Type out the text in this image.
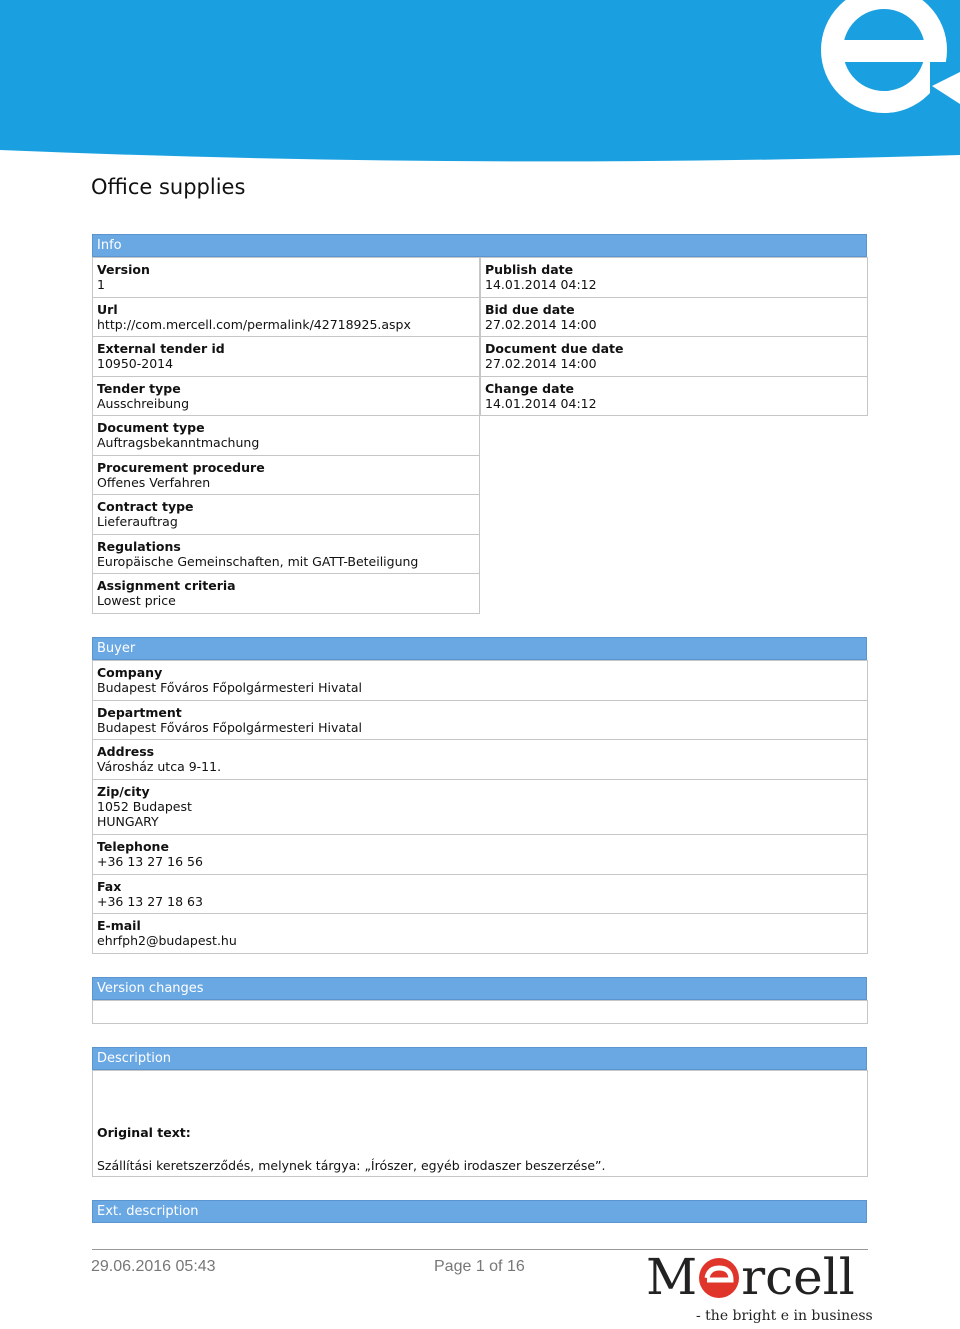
Office supplies
Info
Version
1
Url
http://com.mercell.com/permalink/42718925.aspx
External tender id
10950-2014
Tender type
Ausschreibung
Document type
Auftragsbekanntmachung
Procurement procedure
Offenes Verfahren
Contract type
Lieferauftrag
Regulations
Europäische Gemeinschaften, mit GATT-Beteiligung
Assignment criteria
Lowest price
Publish date
14.01.2014 04:12
Bid due date
27.02.2014 14:00
Document due date
27.02.2014 14:00
Change date
14.01.2014 04:12
Buyer
Company
Budapest Főváros Főpolgármesteri Hivatal
Department
Budapest Főváros Főpolgármesteri Hivatal
Address
Városház utca 9-11.
Zip/city
1052 Budapest
HUNGARY
Telephone
+36 13 27 16 56
Fax
+36 13 27 18 63
E-mail
ehrfph2@budapest.hu
Version changes
Description
Original text:
Szállítási keretszerződés, melynek tárgya: „Írószer, egyéb irodaszer beszerzése”.
Ext. description
29.06.2016 05:43	Page 1 of 16 M rcell
- the bright e in business
